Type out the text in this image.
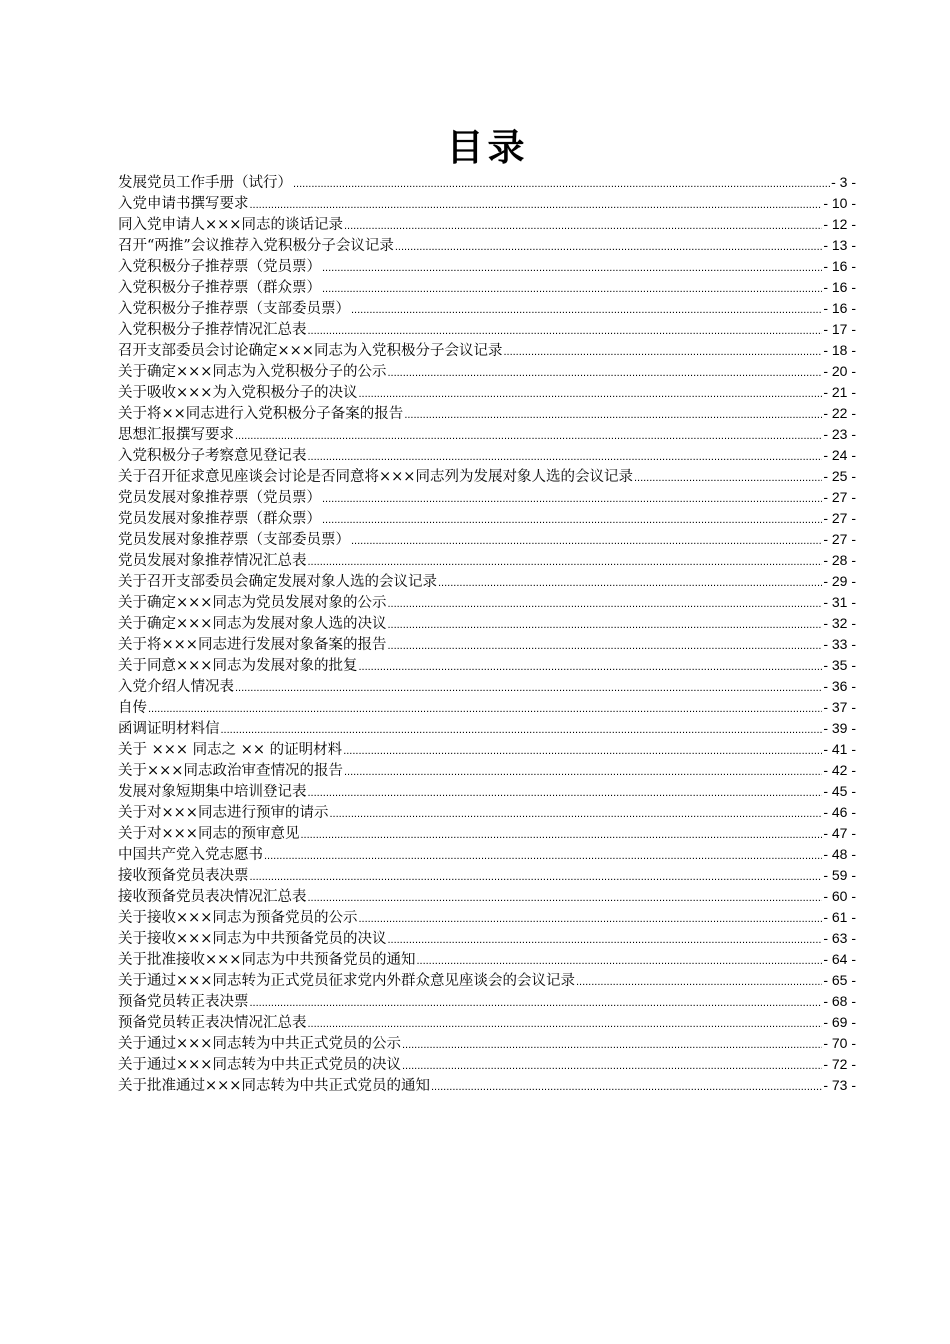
目录
发展党员工作手册（试行） .....	- 3 -
入党申请书撰写要求 .....	- 10 -
同入党申请人×××同志的谈话记录 .....	- 12 -
召开“两推”会议推荐入党积极分子会议记录 .....	- 13 -
入党积极分子推荐票（党员票） .....	- 16 -
入党积极分子推荐票（群众票） .....	- 16 -
入党积极分子推荐票（支部委员票） .....	- 16 -
入党积极分子推荐情况汇总表 .....	- 17 -
召开支部委员会讨论确定×××同志为入党积极分子会议记录 .....	- 18 -
关于确定×××同志为入党积极分子的公示 .....	- 20 -
关于吸收×××为入党积极分子的决议 .....	- 21 -
关于将××同志进行入党积极分子备案的报告 .....	- 22 -
思想汇报撰写要求 .....	- 23 -
入党积极分子考察意见登记表 .....	- 24 -
关于召开征求意见座谈会讨论是否同意将×××同志列为发展对象人选的会议记录 .....	- 25 -
党员发展对象推荐票（党员票） .....	- 27 -
党员发展对象推荐票（群众票） .....	- 27 -
党员发展对象推荐票（支部委员票） .....	- 27 -
党员发展对象推荐情况汇总表 .....	- 28 -
关于召开支部委员会确定发展对象人选的会议记录 .....	- 29 -
关于确定×××同志为党员发展对象的公示 .....	- 31 -
关于确定×××同志为发展对象人选的决议 .....	- 32 -
关于将×××同志进行发展对象备案的报告 .....	- 33 -
关于同意×××同志为发展对象的批复 .....	- 35 -
入党介绍人情况表 .....	- 36 -
自传 .....	- 37 -
函调证明材料信 .....	- 39 -
关于 ××× 同志之 ×× 的证明材料 .....	- 41 -
关于×××同志政治审查情况的报告 .....	- 42 -
发展对象短期集中培训登记表 .....	- 45 -
关于对×××同志进行预审的请示 .....	- 46 -
关于对×××同志的预审意见 .....	- 47 -
中国共产党入党志愿书 .....	- 48 -
接收预备党员表决票 .....	- 59 -
接收预备党员表决情况汇总表 .....	- 60 -
关于接收×××同志为预备党员的公示 .....	- 61 -
关于接收×××同志为中共预备党员的决议 .....	- 63 -
关于批准接收×××同志为中共预备党员的通知 .....	- 64 -
关于通过×××同志转为正式党员征求党内外群众意见座谈会的会议记录 .....	- 65 -
预备党员转正表决票 .....	- 68 -
预备党员转正表决情况汇总表 .....	- 69 -
关于通过×××同志转为中共正式党员的公示 .....	- 70 -
关于通过×××同志转为中共正式党员的决议 .....	- 72 -
关于批准通过×××同志转为中共正式党员的通知 .....	- 73 -
